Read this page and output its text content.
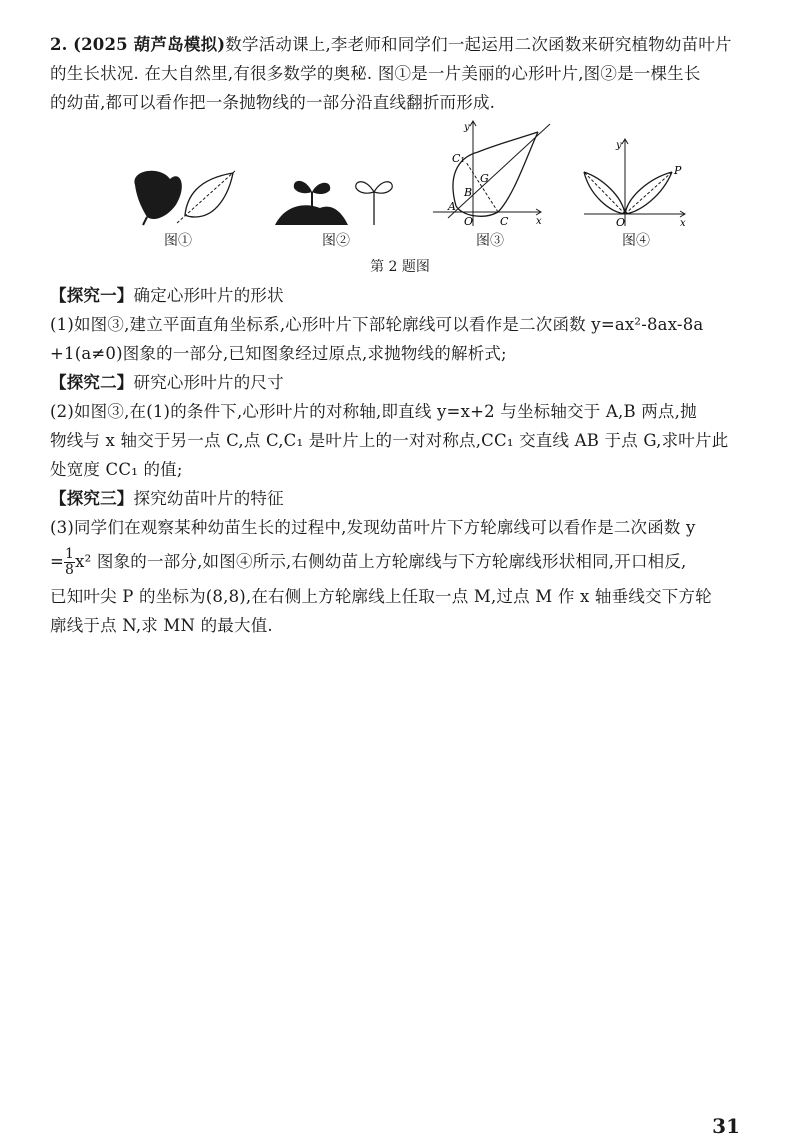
2. (2025 葫芦岛模拟)数学活动课上,李老师和同学们一起运用二次函数来研究植物幼苗叶片
的生长状况. 在大自然里,有很多数学的奥秘. 图①是一片美丽的心形叶片,图②是一棵生长
的幼苗,都可以看作把一条抛物线的一部分沿直线翻折而形成.
图①	图②
C₁
G
B
A
O C	x
y
图③
P
O	x
y
图④
第 2 题图
【探究一】确定心形叶片的形状
(1)如图③,建立平面直角坐标系,心形叶片下部轮廓线可以看作是二次函数 y=ax²-8ax-8a
+1(a≠0)图象的一部分,已知图象经过原点,求抛物线的解析式;
【探究二】研究心形叶片的尺寸
(2)如图③,在(1)的条件下,心形叶片的对称轴,即直线 y=x+2 与坐标轴交于 A,B 两点,抛
物线与 x 轴交于另一点 C,点 C,C₁ 是叶片上的一对对称点,CC₁ 交直线 AB 于点 G,求叶片此
处宽度 CC₁ 的值;
【探究三】探究幼苗叶片的特征
(3)同学们在观察某种幼苗生长的过程中,发现幼苗叶片下方轮廓线可以看作是二次函数 y
= $\frac{1}{8} x^2$ 图象的一部分,如图④所示,右侧幼苗上方轮廓线与下方轮廓线形状相同,开口相反,
已知叶尖 P 的坐标为(8,8),在右侧上方轮廓线上任取一点 M,过点 M 作 x 轴垂线交下方轮
廓线于点 N,求 MN 的最大值.
31
